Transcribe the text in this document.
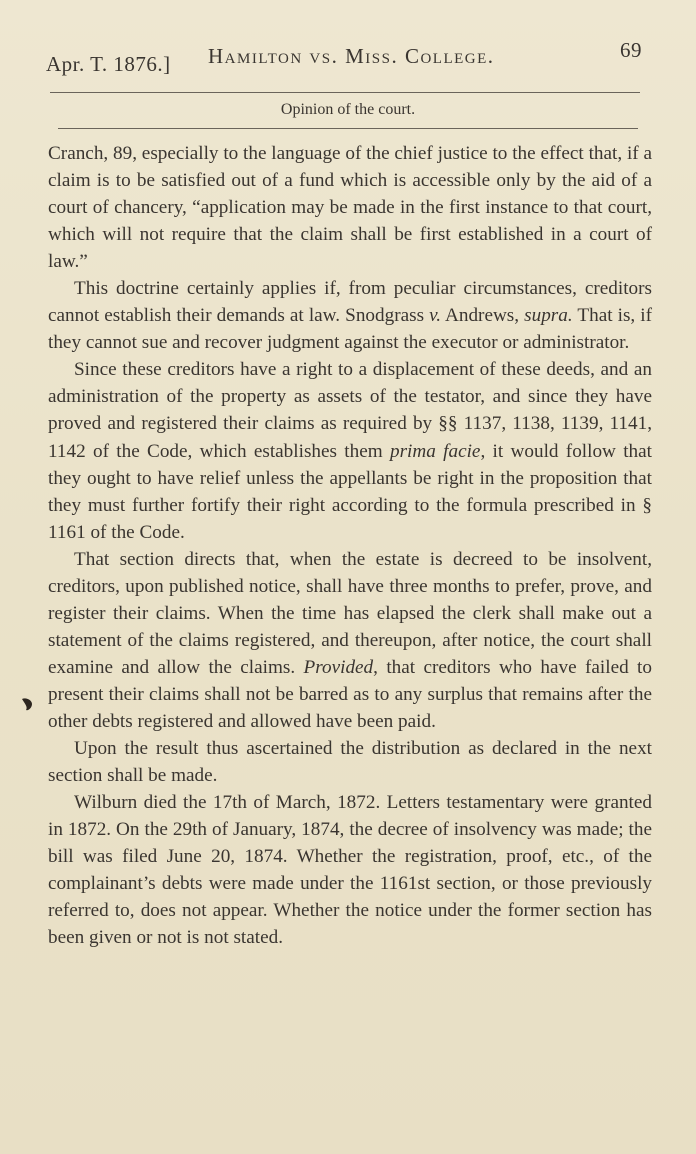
Apr. T. 1876.] Hamilton vs. Miss. College.	69
Opinion of the court.

Cranch, 89, especially to the language of the chief justice to the effect that, if a claim is to be satisfied out of a fund which is accessible only by the aid of a court of chancery, “application may be made in the first instance to that court, which will not require that the claim shall be first established in a court of law.”

This doctrine certainly applies if, from peculiar circumstances, creditors cannot establish their demands at law. Snodgrass v. Andrews, supra. That is, if they cannot sue and recover judgment against the executor or administrator.

Since these creditors have a right to a displacement of these deeds, and an administration of the property as assets of the testator, and since they have proved and registered their claims as required by §§ 1137, 1138, 1139, 1141, 1142 of the Code, which establishes them prima facie, it would follow that they ought to have relief unless the appellants be right in the proposition that they must further fortify their right according to the formula prescribed in § 1161 of the Code.

That section directs that, when the estate is decreed to be insolvent, creditors, upon published notice, shall have three months to prefer, prove, and register their claims. When the time has elapsed the clerk shall make out a statement of the claims registered, and thereupon, after notice, the court shall examine and allow the claims. Provided, that creditors who have failed to present their claims shall not be barred as to any surplus that remains after the other debts registered and allowed have been paid.

Upon the result thus ascertained the distribution as declared in the next section shall be made.

Wilburn died the 17th of March, 1872. Letters testamentary were granted in 1872. On the 29th of January, 1874, the decree of insolvency was made; the bill was filed June 20, 1874. Whether the registration, proof, etc., of the complainant’s debts were made under the 1161st section, or those previously referred to, does not appear. Whether the notice under the former section has been given or not is not stated.
